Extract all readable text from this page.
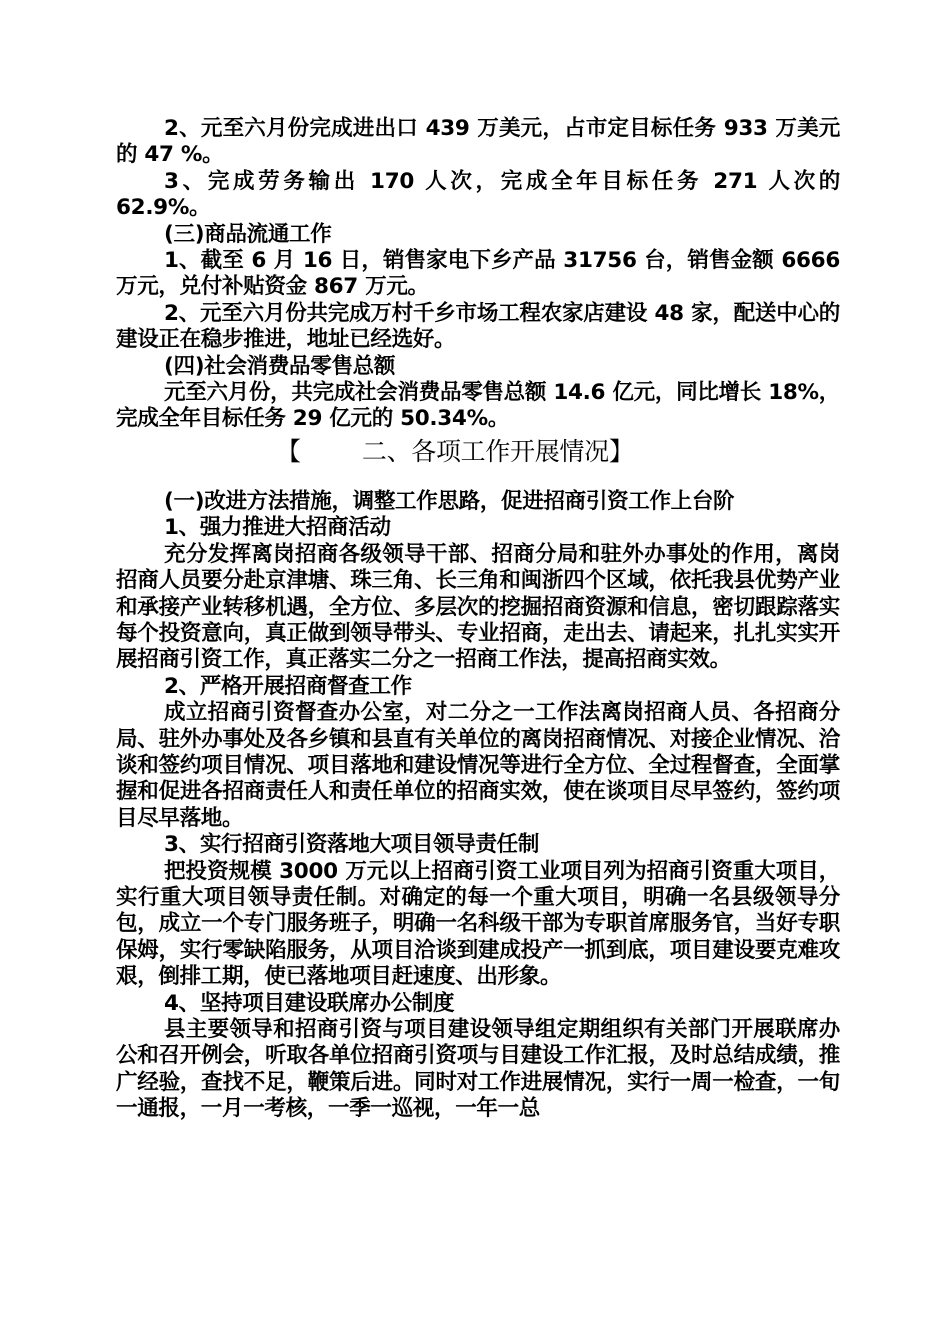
2、元至六月份完成进出口 439 万美元，占市定目标任务 933 万美元的 47 %。

3、完成劳务输出 170 人次，完成全年目标任务 271 人次的 62.9%。

(三)商品流通工作

1、截至 6 月 16 日，销售家电下乡产品 31756 台，销售金额 6666 万元，兑付补贴资金 867 万元。

2、元至六月份共完成万村千乡市场工程农家店建设 48 家，配送中心的建设正在稳步推进，地址已经选好。

(四)社会消费品零售总额

元至六月份，共完成社会消费品零售总额 14.6 亿元，同比增长 18%，完成全年目标任务 29 亿元的 50.34%。

【        二、各项工作开展情况】

(一)改进方法措施，调整工作思路，促进招商引资工作上台阶

1、强力推进大招商活动

充分发挥离岗招商各级领导干部、招商分局和驻外办事处的作用，离岗招商人员要分赴京津塘、珠三角、长三角和闽浙四个区域，依托我县优势产业和承接产业转移机遇，全方位、多层次的挖掘招商资源和信息，密切跟踪落实每个投资意向，真正做到领导带头、专业招商，走出去、请起来，扎扎实实开展招商引资工作，真正落实二分之一招商工作法，提高招商实效。

2、严格开展招商督查工作

成立招商引资督查办公室，对二分之一工作法离岗招商人员、各招商分局、驻外办事处及各乡镇和县直有关单位的离岗招商情况、对接企业情况、洽谈和签约项目情况、项目落地和建设情况等进行全方位、全过程督查，全面掌握和促进各招商责任人和责任单位的招商实效，使在谈项目尽早签约，签约项目尽早落地。

3、实行招商引资落地大项目领导责任制

把投资规模 3000 万元以上招商引资工业项目列为招商引资重大项目，实行重大项目领导责任制。对确定的每一个重大项目，明确一名县级领导分包，成立一个专门服务班子，明确一名科级干部为专职首席服务官，当好专职保姆，实行零缺陷服务，从项目洽谈到建成投产一抓到底，项目建设要克难攻艰，倒排工期，使已落地项目赶速度、出形象。

4、坚持项目建设联席办公制度

县主要领导和招商引资与项目建设领导组定期组织有关部门开展联席办公和召开例会，听取各单位招商引资项与目建设工作汇报，及时总结成绩，推广经验，查找不足，鞭策后进。同时对工作进展情况，实行一周一检查，一旬一通报，一月一考核，一季一巡视，一年一总
